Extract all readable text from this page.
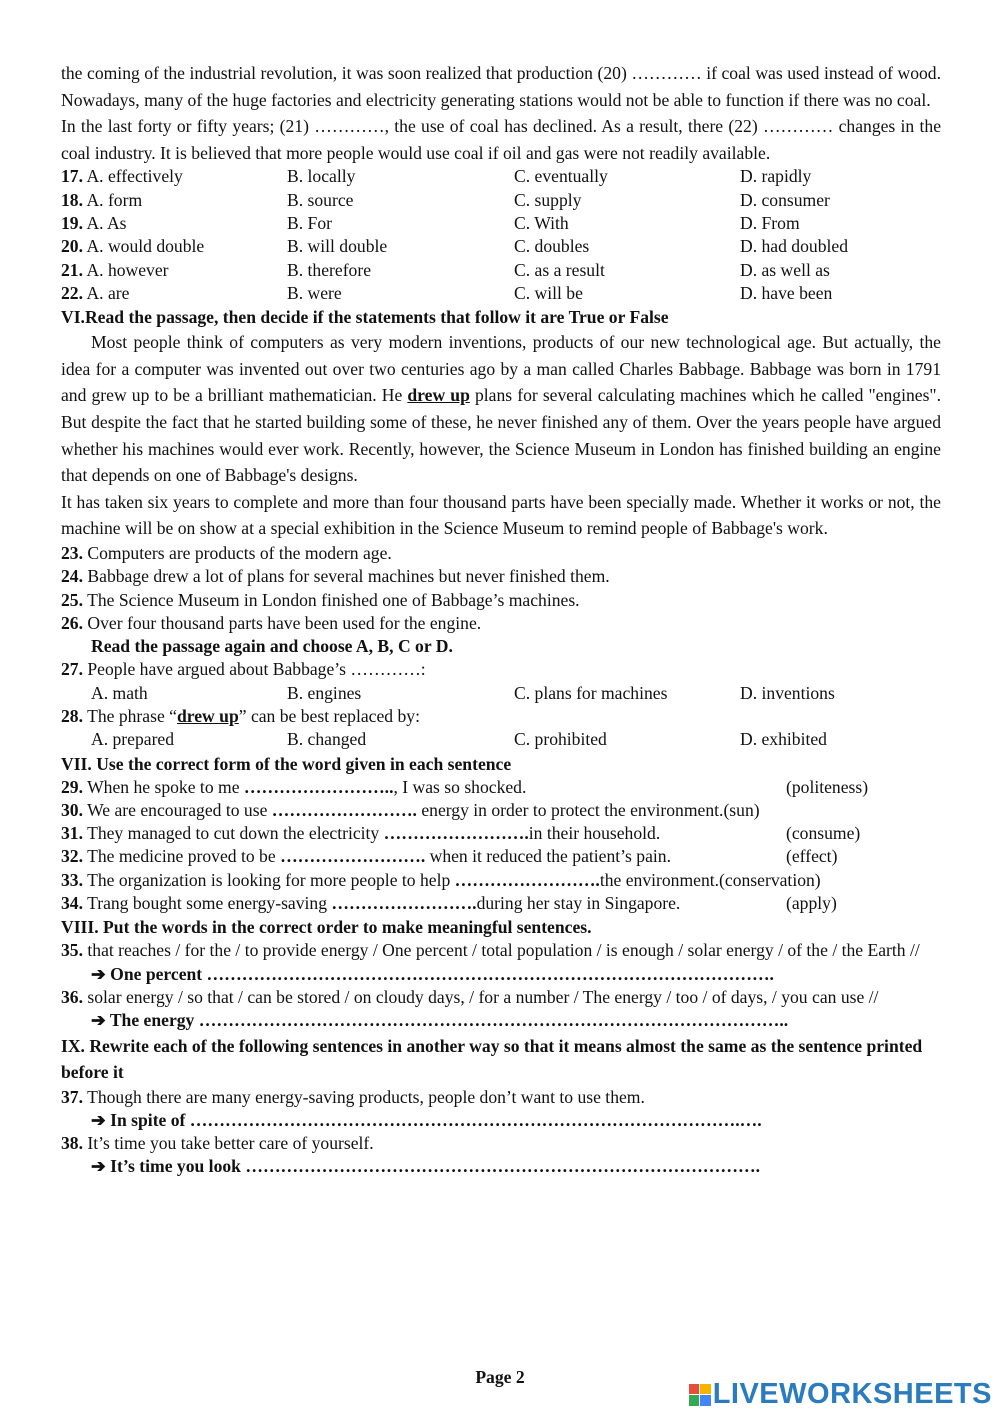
the coming of the industrial revolution, it was soon realized that production (20) ………… if coal was used instead of wood. Nowadays, many of the huge factories and electricity generating stations would not be able to function if there was no coal.

In the last forty or fifty years; (21) …………, the use of coal has declined. As a result, there (22) ………… changes in the coal industry. It is believed that more people would use coal if oil and gas were not readily available.

17. A. effectively	B. locally	C. eventually	D. rapidly
18. A. form	B. source	C. supply	D. consumer
19. A. As	B. For	C. With	D. From
20. A. would double	B. will double	C. doubles	D. had doubled
21. A. however	B. therefore	C. as a result	D. as well as
22. A. are	B. were	C. will be	D. have been
VI.Read the passage, then decide if the statements that follow it are True or False

Most people think of computers as very modern inventions, products of our new technological age. But actually, the idea for a computer was invented out over two centuries ago by a man called Charles Babbage. Babbage was born in 1791 and grew up to be a brilliant mathematician. He drew up plans for several calculating machines which he called "engines". But despite the fact that he started building some of these, he never finished any of them. Over the years people have argued whether his machines would ever work. Recently, however, the Science Museum in London has finished building an engine that depends on one of Babbage's designs.

It has taken six years to complete and more than four thousand parts have been specially made. Whether it works or not, the machine will be on show at a special exhibition in the Science Museum to remind people of Babbage's work.

23. Computers are products of the modern age.
24. Babbage drew a lot of plans for several machines but never finished them.
25. The Science Museum in London finished one of Babbage’s machines.
26. Over four thousand parts have been used for the engine.
Read the passage again and choose A, B, C or D.
27. People have argued about Babbage’s …………:
A. math	B. engines	C. plans for machines	D. inventions
28. The phrase “drew up” can be best replaced by:
A. prepared	B. changed	C. prohibited	D. exhibited
VII. Use the correct form of the word given in each sentence
29. When he spoke to me …………………….., I was so shocked.	(politeness)
30. We are encouraged to use ……………………. energy in order to protect the environment. (sun)
31. They managed to cut down the electricity …………………….in their household.	(consume)
32. The medicine proved to be ……………………. when it reduced the patient’s pain.	(effect)
33. The organization is looking for more people to help …………………….the environment. (conservation)
34. Trang bought some energy-saving …………………….during her stay in Singapore.	(apply)
VIII. Put the words in the correct order to make meaningful sentences.

35. that reaches / for the / to provide energy / One percent / total population / is enough / solar energy / of the / the Earth //

➔ One percent …………………………………………………………………………………….

36. solar energy / so that / can be stored / on cloudy days, / for a number / The energy / too / of days, / you can use //

➔ The energy ………………………………………………………………………………………..
IX. Rewrite each of the following sentences in another way so that it means almost the same as the sentence printed before it
37. Though there are many energy-saving products, people don’t want to use them.
➔ In spite of ………………………………………………………………………………….….
38. It’s time you take better care of yourself.
➔ It’s time you look …………………………………………………………………………….
Page 2
LIVEWORKSHEETS
